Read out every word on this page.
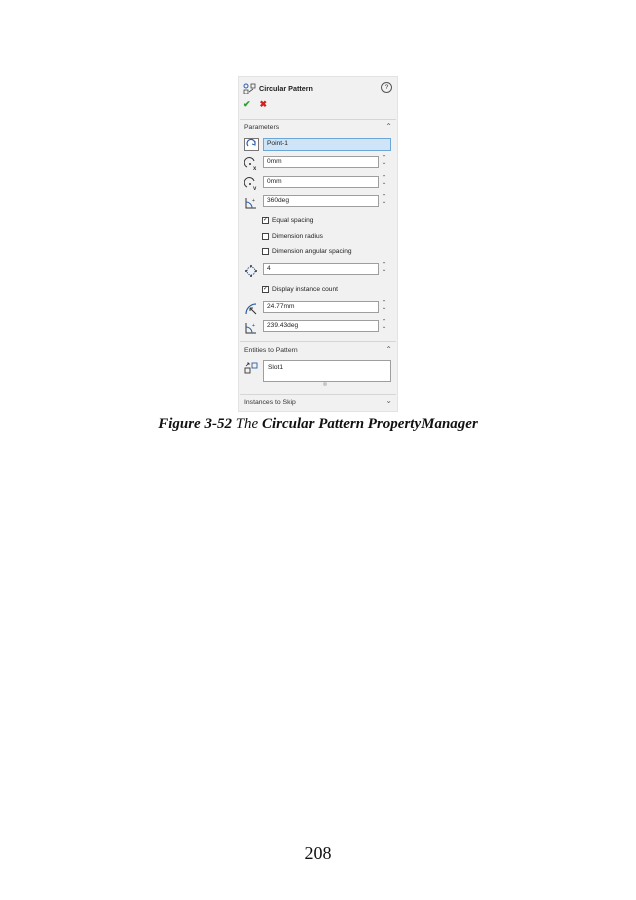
Circular Pattern	?
✔ ✖
Parameters	⌃
Point-1
x
0mm	⌃
⌄
y
0mm	⌃
⌄
+	360deg	⌃
⌄
✓ Equal spacing
Dimension radius
Dimension angular spacing
4	⌃
⌄
✓ Display instance count
24.77mm	⌃
⌄
+	239.43deg	⌃
⌄
Entities to Pattern	⌃
Slot1
Instances to Skip	⌄
Figure 3-52 The Circular Pattern PropertyManager
208
